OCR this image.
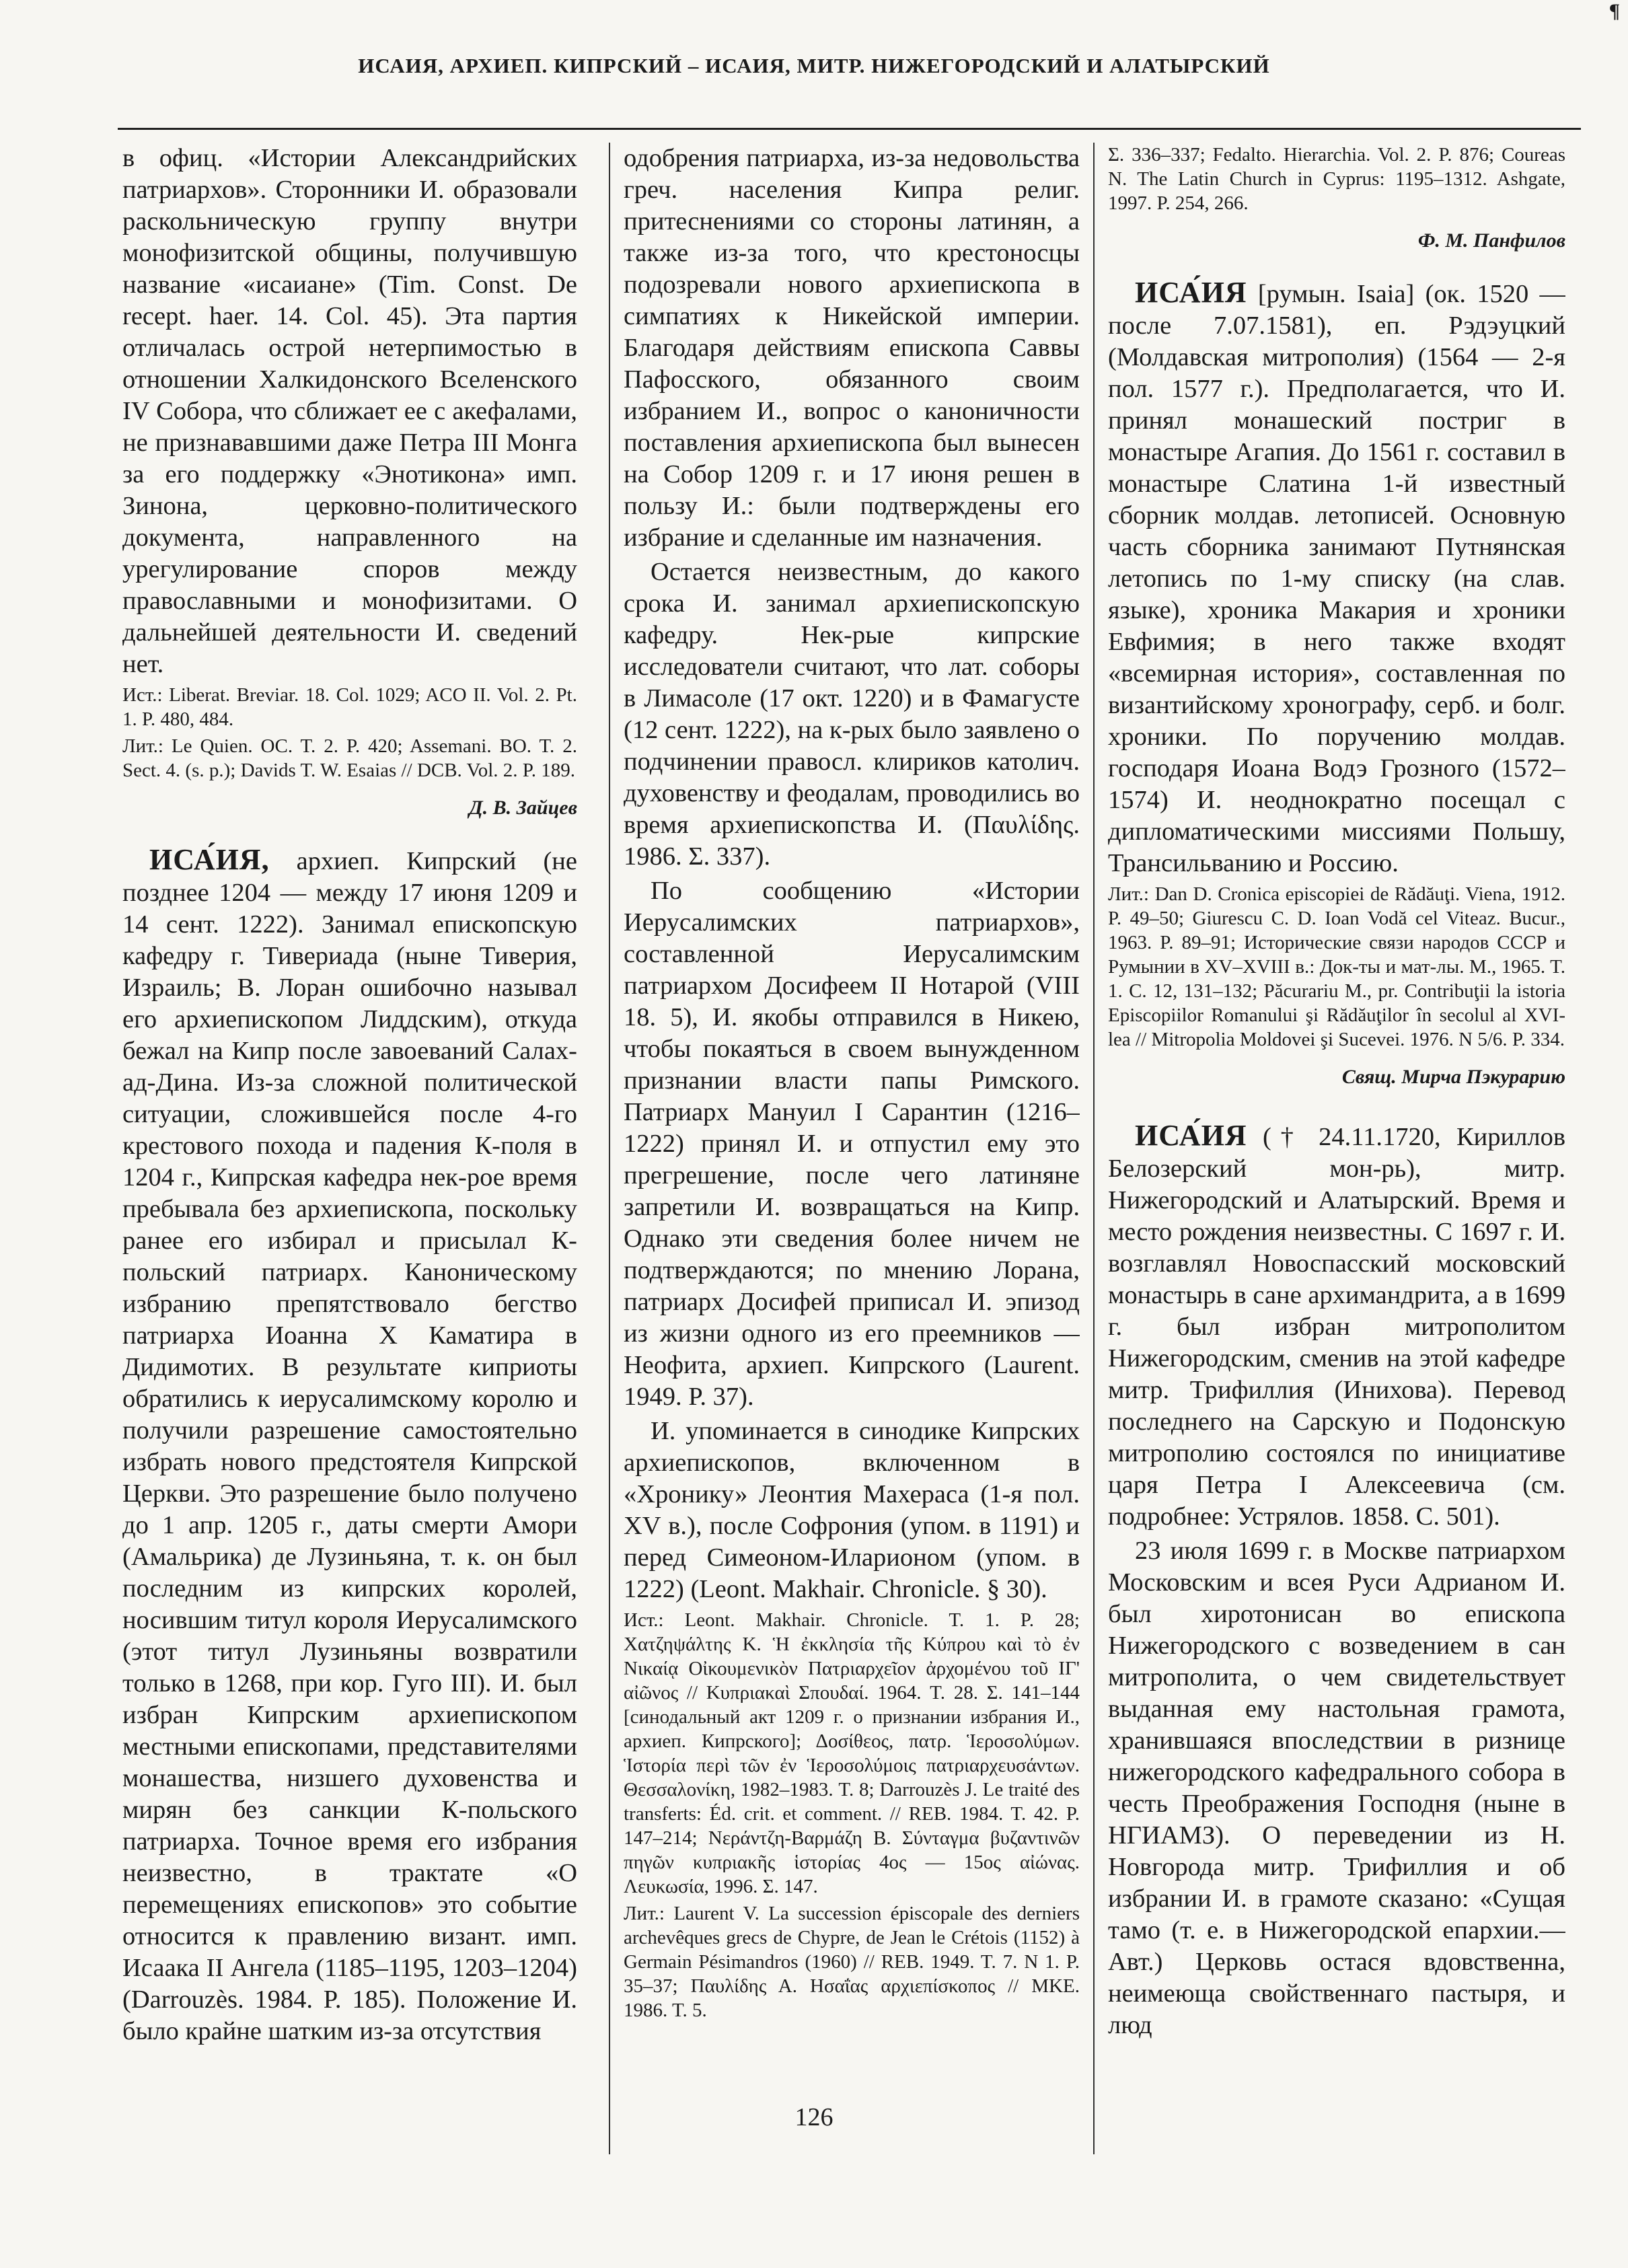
¶
ИСАИЯ, АРХИЕП. КИПРСКИЙ – ИСАИЯ, МИТР. НИЖЕГОРОДСКИЙ И АЛАТЫРСКИЙ

в офиц. «Истории Александрийских патриархов». Сторонники И. образовали раскольническую группу внутри монофизитской общины, получившую название «исаиане» (Tim. Const. De recept. haer. 14. Col. 45). Эта партия отличалась острой нетерпимостью в отношении Халкидонского Вселенского IV Собора, что сближает ее с акефалами, не признававшими даже Петра III Монга за его поддержку «Энотикона» имп. Зинона, церковно-политического документа, направленного на урегулирование споров между православными и монофизитами. О дальнейшей деятельности И. сведений нет.

Ист.: Liberat. Breviar. 18. Col. 1029; ACO II. Vol. 2. Pt. 1. P. 480, 484.

Лит.: Le Quien. OC. T. 2. P. 420; Assemani. BO. T. 2. Sect. 4. (s. p.); Davids T. W. Esaias // DCB. Vol. 2. P. 189.

Д. В. Зайцев

ИСА́ИЯ, архиеп. Кипрский (не позднее 1204 — между 17 июня 1209 и 14 сент. 1222). Занимал епископскую кафедру г. Тивериада (ныне Тиверия, Израиль; В. Лоран ошибочно называл его архиепископом Лиддским), откуда бежал на Кипр после завоеваний Салах-ад-Дина. Из-за сложной политической ситуации, сложившейся после 4-го крестового похода и падения К-поля в 1204 г., Кипрская кафедра нек-рое время пребывала без архиепископа, поскольку ранее его избирал и присылал К-польский патриарх. Каноническому избранию препятствовало бегство патриарха Иоанна X Каматира в Дидимотих. В результате киприоты обратились к иерусалимскому королю и получили разрешение самостоятельно избрать нового предстоятеля Кипрской Церкви. Это разрешение было получено до 1 апр. 1205 г., даты смерти Амори (Амальрика) де Лузиньяна, т. к. он был последним из кипрских королей, носившим титул короля Иерусалимского (этот титул Лузиньяны возвратили только в 1268, при кор. Гуго III). И. был избран Кипрским архиепископом местными епископами, представителями монашества, низшего духовенства и мирян без санкции К-польского патриарха. Точное время его избрания неизвестно, в трактате «О перемещениях епископов» это событие относится к правлению визант. имп. Исаака II Ангела (1185–1195, 1203–1204) (Darrouzès. 1984. P. 185). Положение И. было крайне шатким из-за отсутствия

одобрения патриарха, из-за недовольства греч. населения Кипра религ. притеснениями со стороны латинян, а также из-за того, что крестоносцы подозревали нового архиепископа в симпатиях к Никейской империи. Благодаря действиям епископа Саввы Пафосского, обязанного своим избранием И., вопрос о каноничности поставления архиепископа был вынесен на Собор 1209 г. и 17 июня решен в пользу И.: были подтверждены его избрание и сделанные им назначения.

Остается неизвестным, до какого срока И. занимал архиепископскую кафедру. Нек-рые кипрские исследователи считают, что лат. соборы в Лимасоле (17 окт. 1220) и в Фамагусте (12 сент. 1222), на к-рых было заявлено о подчинении правосл. клириков католич. духовенству и феодалам, проводились во время архиепископства И. (Παυλίδης. 1986. Σ. 337).

По сообщению «Истории Иерусалимских патриархов», составленной Иерусалимским патриархом Досифеем II Нотарой (VIII 18. 5), И. якобы отправился в Никею, чтобы покаяться в своем вынужденном признании власти папы Римского. Патриарх Мануил I Сарантин (1216–1222) принял И. и отпустил ему это прегрешение, после чего латиняне запретили И. возвращаться на Кипр. Однако эти сведения более ничем не подтверждаются; по мнению Лорана, патриарх Досифей приписал И. эпизод из жизни одного из его преемников — Неофита, архиеп. Кипрского (Laurent. 1949. P. 37).

И. упоминается в синодике Кипрских архиепископов, включенном в «Хронику» Леонтия Махераса (1-я пол. XV в.), после Софрония (упом. в 1191) и перед Симеоном-Иларионом (упом. в 1222) (Leont. Makhair. Chronicle. § 30).

Ист.: Leont. Makhair. Chronicle. T. 1. P. 28; Χατζηψάλτης Κ. Ἡ ἐκκλησία τῆς Κύπρου καὶ τὸ ἐν Νικαίᾳ Οἰκουμενικὸν Πατριαρχεῖον ἀρχομένου τοῦ ΙΓ' αἰῶνος // Κυπριακαὶ Σπουδαί. 1964. T. 28. Σ. 141–144 [синодальный акт 1209 г. о признании избрания И., архиеп. Кипрского]; Δοσίθεος, πατρ. Ἱεροσολύμων. Ἱστορία περὶ τῶν ἐν Ἱεροσολύμοις πατριαρχευσάντων. Θεσσαλονίκη, 1982–1983. T. 8; Darrouzès J. Le traité des transferts: Éd. crit. et comment. // REB. 1984. T. 42. P. 147–214; Νεράντζη-Βαρμάζη Β. Σύνταγμα βυζαντινῶν πηγῶν κυπριακῆς ἱστορίας 4ος — 15ος αἰώνας. Λευκωσία, 1996. Σ. 147.

Лит.: Laurent V. La succession épiscopale des derniers archevêques grecs de Chypre, de Jean le Crétois (1152) à Germain Pésimandros (1960) // REB. 1949. T. 7. N 1. P. 35–37; Παυλίδης Α. Ησαΐας αρχιεπίσκοπος // MKE. 1986. T. 5.

Σ. 336–337; Fedalto. Hierarchia. Vol. 2. P. 876; Coureas N. The Latin Church in Cyprus: 1195–1312. Ashgate, 1997. P. 254, 266.

Ф. М. Панфилов

ИСА́ИЯ [румын. Isaia] (ок. 1520 — после 7.07.1581), еп. Рэдэуцкий (Молдавская митрополия) (1564 — 2-я пол. 1577 г.). Предполагается, что И. принял монашеский постриг в монастыре Агапия. До 1561 г. составил в монастыре Слатина 1-й известный сборник молдав. летописей. Основную часть сборника занимают Путнянская летопись по 1-му списку (на слав. языке), хроника Макария и хроники Евфимия; в него также входят «всемирная история», составленная по византийскому хронографу, серб. и болг. хроники. По поручению молдав. господаря Иоана Водэ Грозного (1572–1574) И. неоднократно посещал с дипломатическими миссиями Польшу, Трансильванию и Россию.

Лит.: Dan D. Cronica episcopiei de Rădăuţi. Viena, 1912. P. 49–50; Giurescu C. D. Ioan Vodă cel Viteaz. Bucur., 1963. P. 89–91; Исторические связи народов СССР и Румынии в XV–XVIII в.: Док-ты и мат-лы. M., 1965. T. 1. C. 12, 131–132; Păcurariu M., pr. Contribuţii la istoria Episcopiilor Romanului şi Rădăuţilor în secolul al XVI-lea // Mitropolia Moldovei şi Sucevei. 1976. N 5/6. P. 334.

Свящ. Мирча Пэкурарию

ИСА́ИЯ († 24.11.1720, Кириллов Белозерский мон-рь), митр. Нижегородский и Алатырский. Время и место рождения неизвестны. С 1697 г. И. возглавлял Новоспасский московский монастырь в сане архимандрита, а в 1699 г. был избран митрополитом Нижегородским, сменив на этой кафедре митр. Трифиллия (Инихова). Перевод последнего на Сарскую и Подонскую митрополию состоялся по инициативе царя Петра I Алексеевича (см. подробнее: Устрялов. 1858. С. 501).

23 июля 1699 г. в Москве патриархом Московским и всея Руси Адрианом И. был хиротонисан во епископа Нижегородского с возведением в сан митрополита, о чем свидетельствует выданная ему настольная грамота, хранившаяся впоследствии в ризнице нижегородского кафедрального собора в честь Преображения Господня (ныне в НГИАМЗ). О переведении из Н. Новгорода митр. Трифиллия и об избрании И. в грамоте сказано: «Сущая тамо (т. е. в Нижегородской епархии.— Авт.) Церковь остася вдовственна, неимеюща свойственнаго пастыря, и люд

126
